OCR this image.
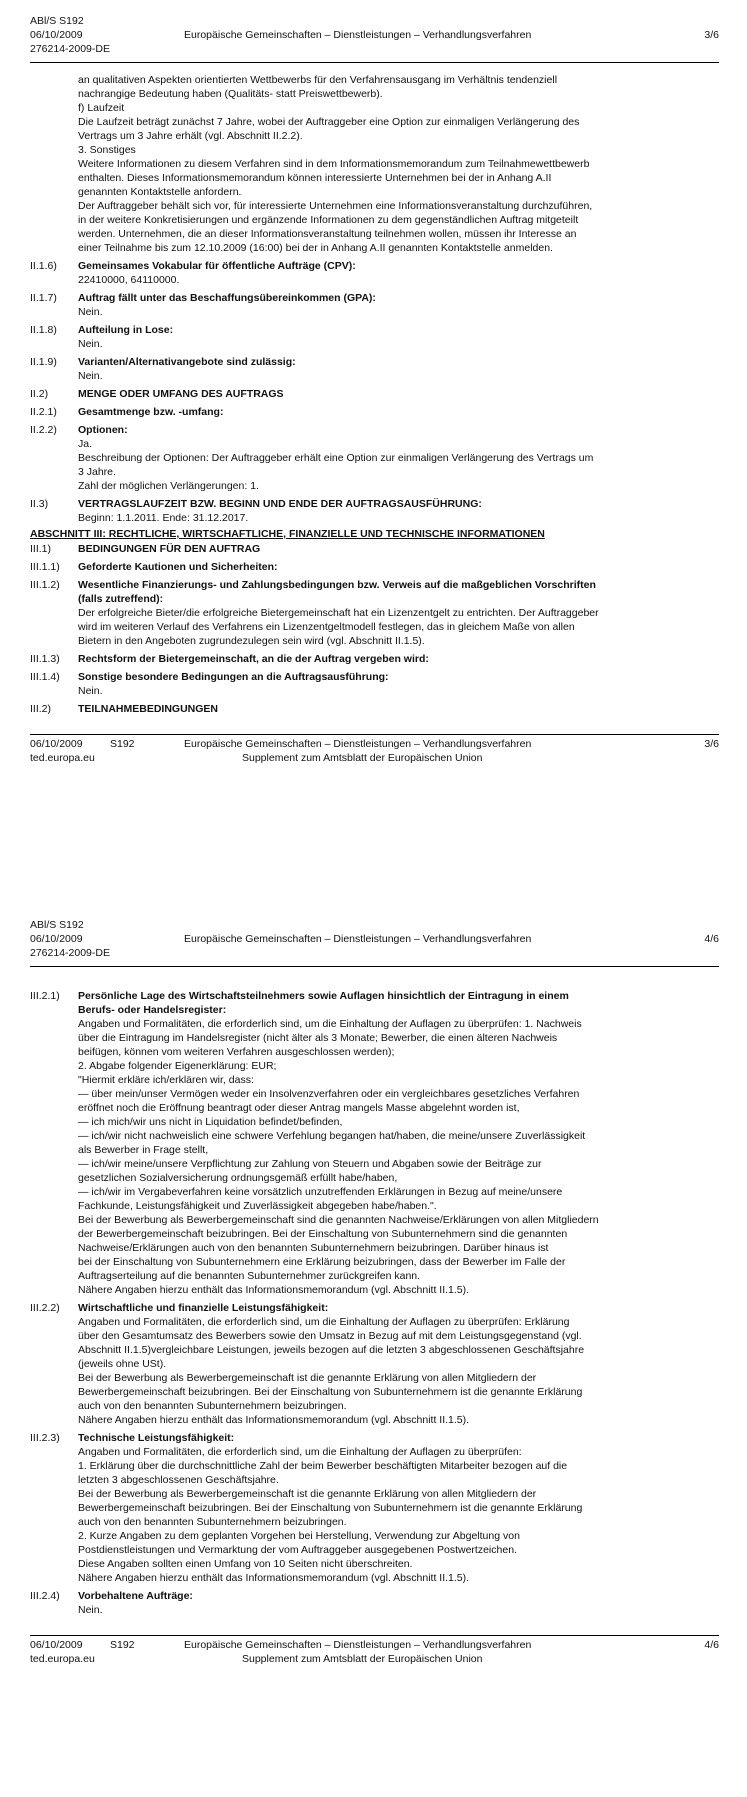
ABl/S S192
06/10/2009
276214-2009-DE
Europäische Gemeinschaften – Dienstleistungen – Verhandlungsverfahren	3/6
an qualitativen Aspekten orientierten Wettbewerbs für den Verfahrensausgang im Verhältnis tendenziell
nachrangige Bedeutung haben (Qualitäts- statt Preiswettbewerb).
f) Laufzeit
Die Laufzeit beträgt zunächst 7 Jahre, wobei der Auftraggeber eine Option zur einmaligen Verlängerung des
Vertrags um 3 Jahre erhält (vgl. Abschnitt II.2.2).
3. Sonstiges
Weitere Informationen zu diesem Verfahren sind in dem Informationsmemorandum zum Teilnahmewettbewerb
enthalten. Dieses Informationsmemorandum können interessierte Unternehmen bei der in Anhang A.II
genannten Kontaktstelle anfordern.
Der Auftraggeber behält sich vor, für interessierte Unternehmen eine Informationsveranstaltung durchzuführen,
in der weitere Konkretisierungen und ergänzende Informationen zu dem gegenständlichen Auftrag mitgeteilt
werden. Unternehmen, die an dieser Informationsveranstaltung teilnehmen wollen, müssen ihr Interesse an
einer Teilnahme bis zum 12.10.2009 (16:00) bei der in Anhang A.II genannten Kontaktstelle anmelden.
II.1.6) Gemeinsames Vokabular für öffentliche Aufträge (CPV):
22410000, 64110000.
II.1.7) Auftrag fällt unter das Beschaffungsübereinkommen (GPA):
Nein.
II.1.8) Aufteilung in Lose:
Nein.
II.1.9) Varianten/Alternativangebote sind zulässig:
Nein.
II.2)	MENGE ODER UMFANG DES AUFTRAGS
II.2.1) Gesamtmenge bzw. -umfang:
II.2.2) Optionen:
Ja.
Beschreibung der Optionen: Der Auftraggeber erhält eine Option zur einmaligen Verlängerung des Vertrags um
3 Jahre.
Zahl der möglichen Verlängerungen: 1.
II.3)	VERTRAGSLAUFZEIT BZW. BEGINN UND ENDE DER AUFTRAGSAUSFÜHRUNG:
Beginn: 1.1.2011. Ende: 31.12.2017.
ABSCHNITT III: RECHTLICHE, WIRTSCHAFTLICHE, FINANZIELLE UND TECHNISCHE INFORMATIONEN
III.1)	BEDINGUNGEN FÜR DEN AUFTRAG
III.1.1) Geforderte Kautionen und Sicherheiten:
III.1.2) Wesentliche Finanzierungs- und Zahlungsbedingungen bzw. Verweis auf die maßgeblichen Vorschriften
(falls zutreffend):
Der erfolgreiche Bieter/die erfolgreiche Bietergemeinschaft hat ein Lizenzentgelt zu entrichten. Der Auftraggeber
wird im weiteren Verlauf des Verfahrens ein Lizenzentgeltmodell festlegen, das in gleichem Maße von allen
Bietern in den Angeboten zugrundezulegen sein wird (vgl. Abschnitt II.1.5).
III.1.3) Rechtsform der Bietergemeinschaft, an die der Auftrag vergeben wird:
III.1.4) Sonstige besondere Bedingungen an die Auftragsausführung:
Nein.
III.2)	TEILNAHMEBEDINGUNGEN
06/10/2009	S192	Europäische Gemeinschaften – Dienstleistungen – Verhandlungsverfahren
Supplement zum Amtsblatt der Europäischen Union
3/6
ted.europa.eu
ABl/S S192
06/10/2009
276214-2009-DE
Europäische Gemeinschaften – Dienstleistungen – Verhandlungsverfahren	4/6
III.2.1) Persönliche Lage des Wirtschaftsteilnehmers sowie Auflagen hinsichtlich der Eintragung in einem
Berufs- oder Handelsregister:
Angaben und Formalitäten, die erforderlich sind, um die Einhaltung der Auflagen zu überprüfen: 1. Nachweis
über die Eintragung im Handelsregister (nicht älter als 3 Monate; Bewerber, die einen älteren Nachweis
beifügen, können vom weiteren Verfahren ausgeschlossen werden);
2. Abgabe folgender Eigenerklärung: EUR;
"Hiermit erkläre ich/erklären wir, dass:
— über mein/unser Vermögen weder ein Insolvenzverfahren oder ein vergleichbares gesetzliches Verfahren
eröffnet noch die Eröffnung beantragt oder dieser Antrag mangels Masse abgelehnt worden ist,
— ich mich/wir uns nicht in Liquidation befindet/befinden,
— ich/wir nicht nachweislich eine schwere Verfehlung begangen hat/haben, die meine/unsere Zuverlässigkeit
als Bewerber in Frage stellt,
— ich/wir meine/unsere Verpflichtung zur Zahlung von Steuern und Abgaben sowie der Beiträge zur
gesetzlichen Sozialversicherung ordnungsgemäß erfüllt habe/haben,
— ich/wir im Vergabeverfahren keine vorsätzlich unzutreffenden Erklärungen in Bezug auf meine/unsere
Fachkunde, Leistungsfähigkeit und Zuverlässigkeit abgegeben habe/haben.".
Bei der Bewerbung als Bewerbergemeinschaft sind die genannten Nachweise/Erklärungen von allen Mitgliedern
der Bewerbergemeinschaft beizubringen. Bei der Einschaltung von Subunternehmern sind die genannten
Nachweise/Erklärungen auch von den benannten Subunternehmern beizubringen. Darüber hinaus ist
bei der Einschaltung von Subunternehmern eine Erklärung beizubringen, dass der Bewerber im Falle der
Auftragserteilung auf die benannten Subunternehmer zurückgreifen kann.
Nähere Angaben hierzu enthält das Informationsmemorandum (vgl. Abschnitt II.1.5).
III.2.2) Wirtschaftliche und finanzielle Leistungsfähigkeit:
Angaben und Formalitäten, die erforderlich sind, um die Einhaltung der Auflagen zu überprüfen: Erklärung
über den Gesamtumsatz des Bewerbers sowie den Umsatz in Bezug auf mit dem Leistungsgegenstand (vgl.
Abschnitt II.1.5)vergleichbare Leistungen, jeweils bezogen auf die letzten 3 abgeschlossenen Geschäftsjahre
(jeweils ohne USt).
Bei der Bewerbung als Bewerbergemeinschaft ist die genannte Erklärung von allen Mitgliedern der
Bewerbergemeinschaft beizubringen. Bei der Einschaltung von Subunternehmern ist die genannte Erklärung
auch von den benannten Subunternehmern beizubringen.
Nähere Angaben hierzu enthält das Informationsmemorandum (vgl. Abschnitt II.1.5).
III.2.3) Technische Leistungsfähigkeit:
Angaben und Formalitäten, die erforderlich sind, um die Einhaltung der Auflagen zu überprüfen:
1. Erklärung über die durchschnittliche Zahl der beim Bewerber beschäftigten Mitarbeiter bezogen auf die
letzten 3 abgeschlossenen Geschäftsjahre.
Bei der Bewerbung als Bewerbergemeinschaft ist die genannte Erklärung von allen Mitgliedern der
Bewerbergemeinschaft beizubringen. Bei der Einschaltung von Subunternehmern ist die genannte Erklärung
auch von den benannten Subunternehmern beizubringen.
2. Kurze Angaben zu dem geplanten Vorgehen bei Herstellung, Verwendung zur Abgeltung von
Postdienstleistungen und Vermarktung der vom Auftraggeber ausgegebenen Postwertzeichen.
Diese Angaben sollten einen Umfang von 10 Seiten nicht überschreiten.
Nähere Angaben hierzu enthält das Informationsmemorandum (vgl. Abschnitt II.1.5).
III.2.4) Vorbehaltene Aufträge:
Nein.
06/10/2009	S192	Europäische Gemeinschaften – Dienstleistungen – Verhandlungsverfahren
Supplement zum Amtsblatt der Europäischen Union
4/6
ted.europa.eu
